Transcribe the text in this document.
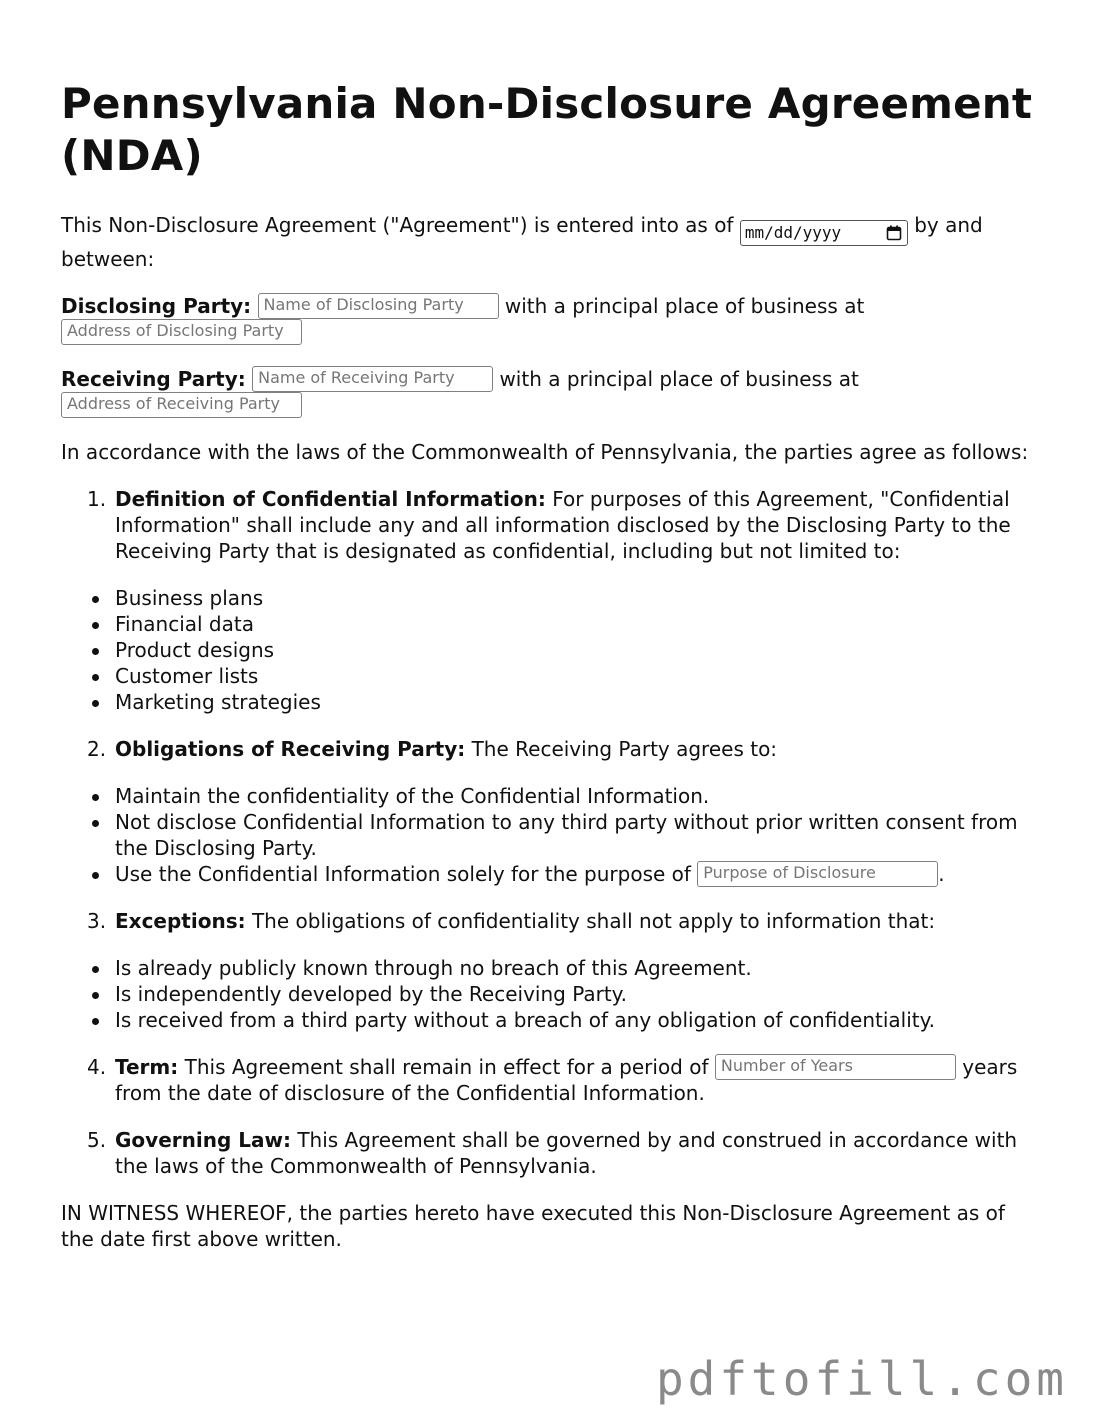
Pennsylvania Non-Disclosure Agreement (NDA)

This Non-Disclosure Agreement ("Agreement") is entered into as of mm/dd/yyyy	by and between:

Disclosing Party: Name of Disclosing Party with a principal place of business at
Address of Disclosing Party

Receiving Party: Name of Receiving Party with a principal place of business at
Address of Receiving Party

In accordance with the laws of the Commonwealth of Pennsylvania, the parties agree as follows:

1. Definition of Confidential Information: For purposes of this Agreement, "Confidential Information" shall include any and all information disclosed by the Disclosing Party to the Receiving Party that is designated as confidential, including but not limited to:
Business plans
Financial data
Product designs
Customer lists
Marketing strategies
2. Obligations of Receiving Party: The Receiving Party agrees to:
Maintain the confidentiality of the Confidential Information.
Not disclose Confidential Information to any third party without prior written consent from the Disclosing Party.
Use the Confidential Information solely for the purpose of Purpose of Disclosure	.
3. Exceptions: The obligations of confidentiality shall not apply to information that:
Is already publicly known through no breach of this Agreement.
Is independently developed by the Receiving Party.
Is received from a third party without a breach of any obligation of confidentiality.
4. Term: This Agreement shall remain in effect for a period of Number of Years	years from the date of disclosure of the Confidential Information.
5. Governing Law: This Agreement shall be governed by and construed in accordance with the laws of the Commonwealth of Pennsylvania.

IN WITNESS WHEREOF, the parties hereto have executed this Non-Disclosure Agreement as of the date first above written.

pdftofill.com
